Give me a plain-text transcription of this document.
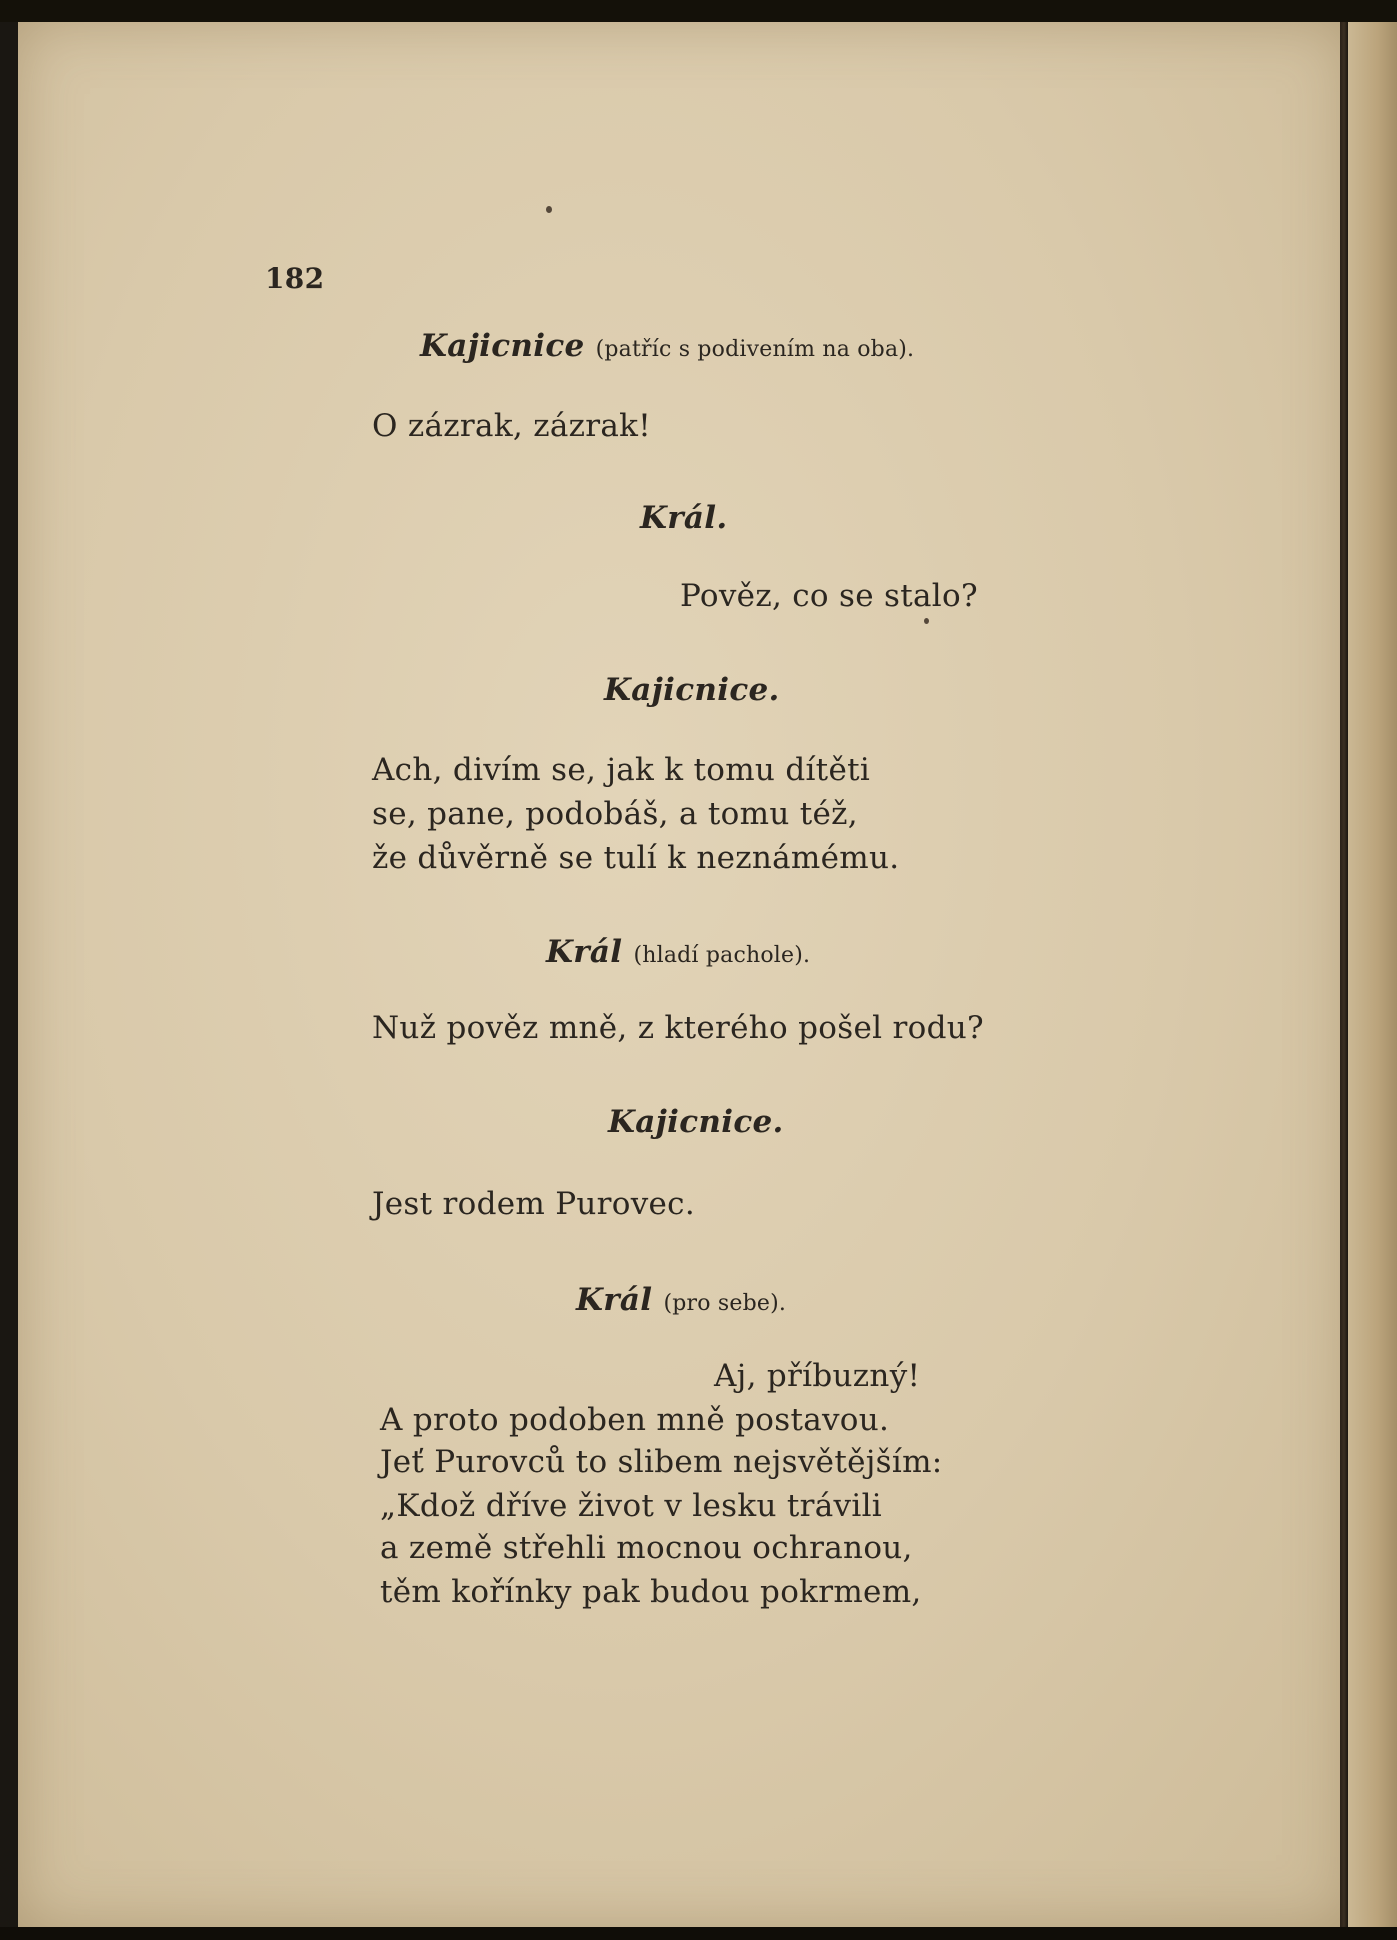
182
Kajicnice (patříc s podivením na oba).
O zázrak, zázrak!
Král.
Pověz, co se stalo?
Kajicnice.
Ach, divím se, jak k tomu dítěti
se, pane, podobáš, a tomu též,
že důvěrně se tulí k neznámému.
Král (hladí pachole).
Nuž pověz mně, z kterého pošel rodu?
Kajicnice.
Jest rodem Purovec.
Král (pro sebe).
Aj, příbuzný!
A proto podoben mně postavou.
Jeť Purovců to slibem nejsvětějším:
„Kdož dříve život v lesku trávili
a země střehli mocnou ochranou,
těm kořínky pak budou pokrmem,
